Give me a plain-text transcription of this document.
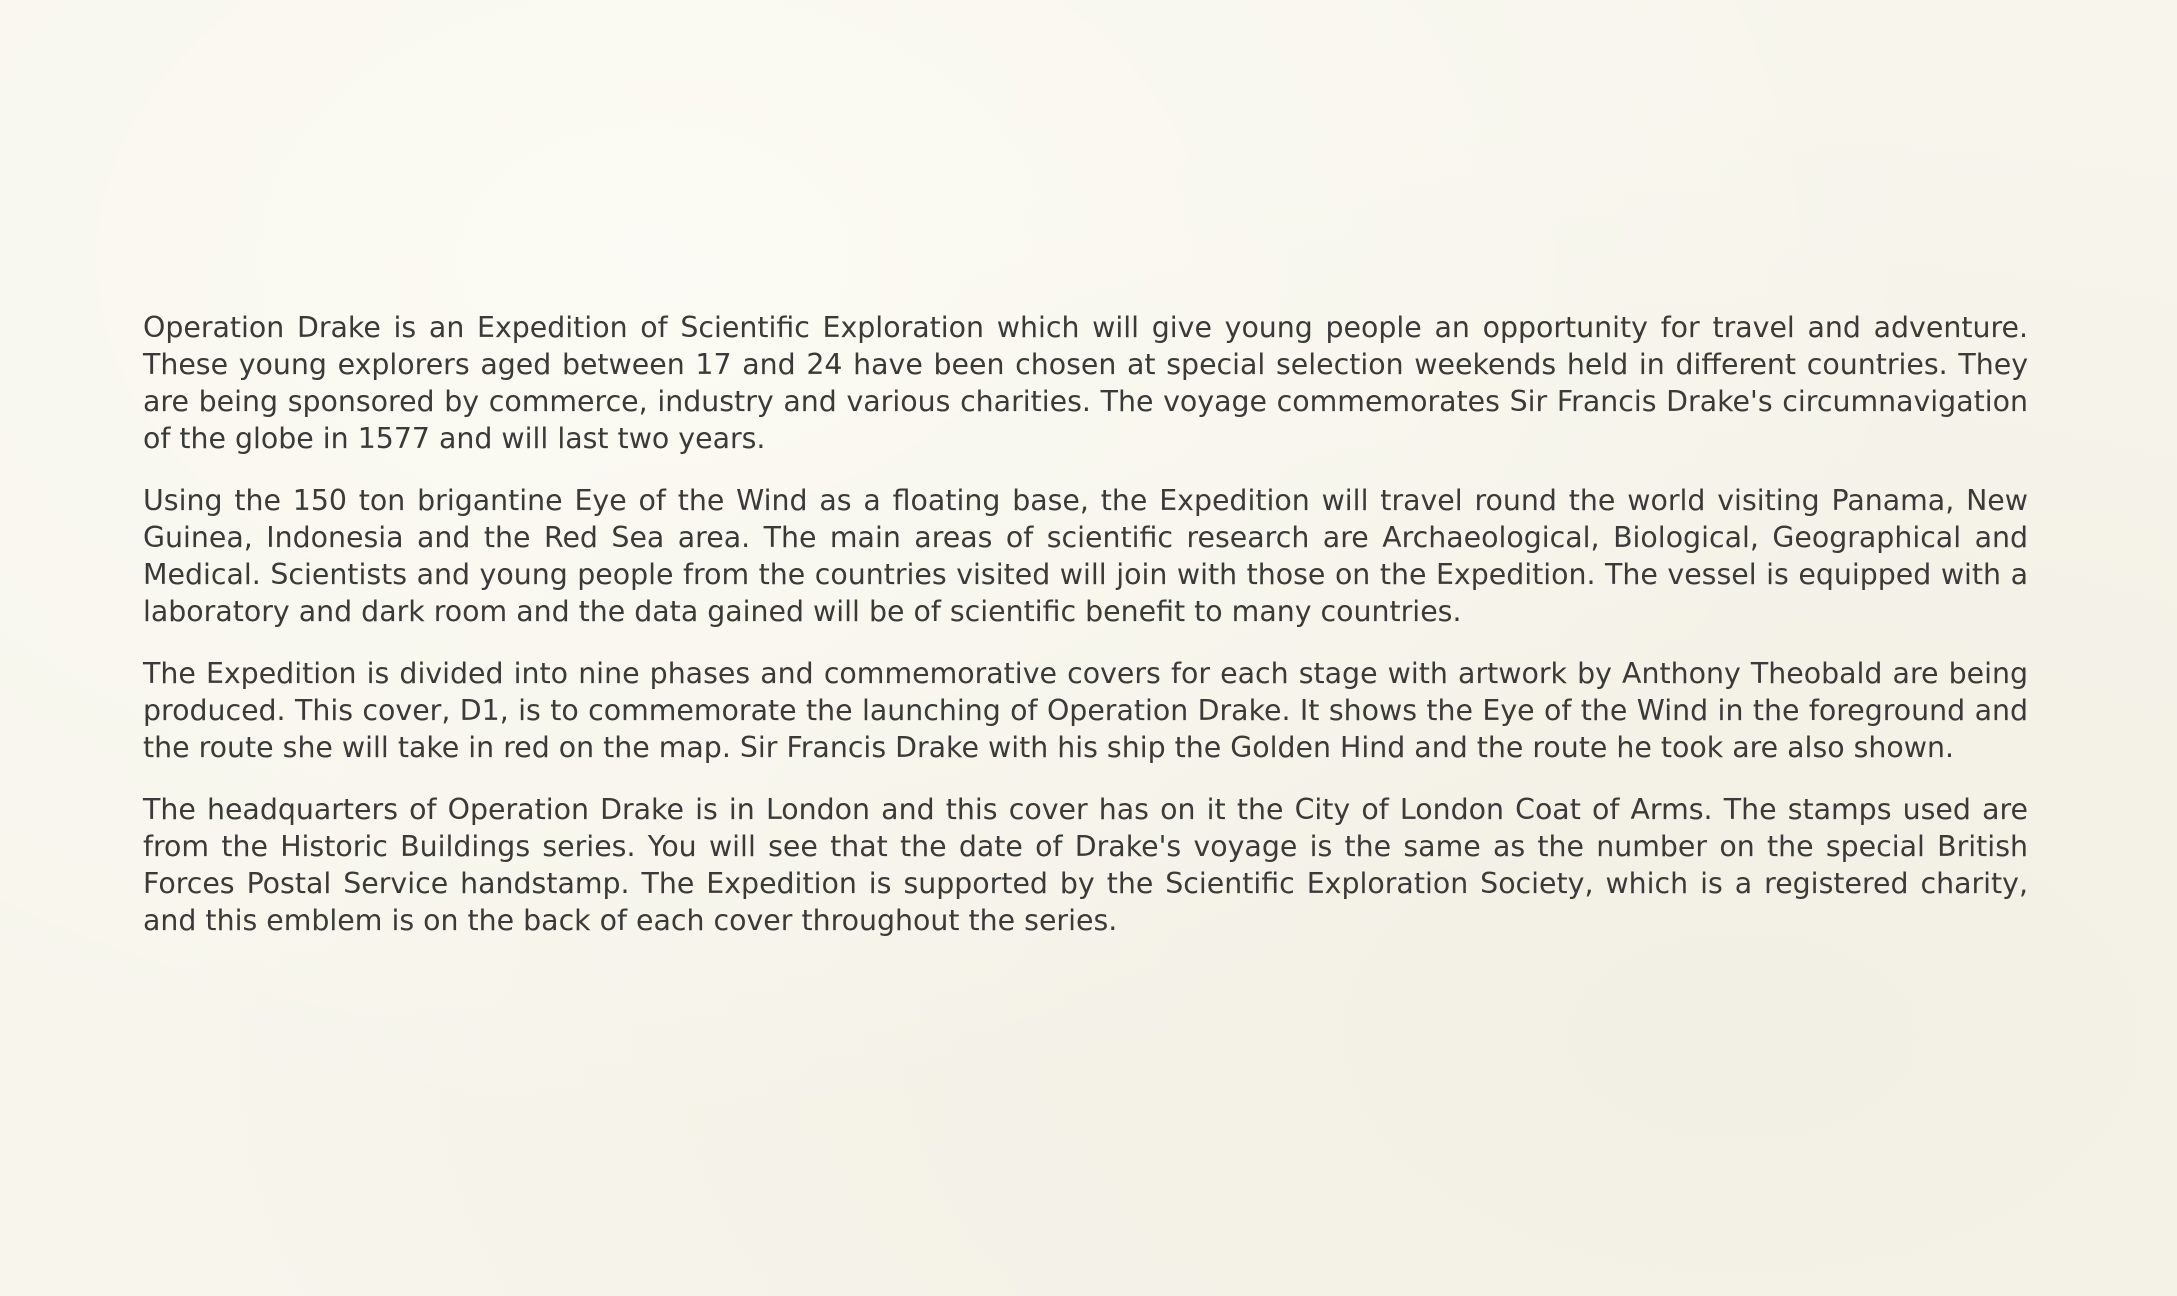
Operation Drake is an Expedition of Scientific Exploration which will give young people an opportunity for travel and adventure. These young explorers aged between 17 and 24 have been chosen at special selection weekends held in different countries. They are being sponsored by commerce, industry and various charities. The voyage commemorates Sir Francis Drake's circumnavigation of the globe in 1577 and will last two years.

Using the 150 ton brigantine Eye of the Wind as a floating base, the Expedition will travel round the world visiting Panama, New Guinea, Indonesia and the Red Sea area. The main areas of scientific research are Archaeological, Biological, Geographical and Medical. Scientists and young people from the countries visited will join with those on the Expedition. The vessel is equipped with a laboratory and dark room and the data gained will be of scientific benefit to many countries.

The Expedition is divided into nine phases and commemorative covers for each stage with artwork by Anthony Theobald are being produced. This cover, D1, is to commemorate the launching of Operation Drake. It shows the Eye of the Wind in the foreground and the route she will take in red on the map. Sir Francis Drake with his ship the Golden Hind and the route he took are also shown.

The headquarters of Operation Drake is in London and this cover has on it the City of London Coat of Arms. The stamps used are from the Historic Buildings series. You will see that the date of Drake's voyage is the same as the number on the special British Forces Postal Service handstamp. The Expedition is supported by the Scientific Exploration Society, which is a registered charity, and this emblem is on the back of each cover throughout the series.
